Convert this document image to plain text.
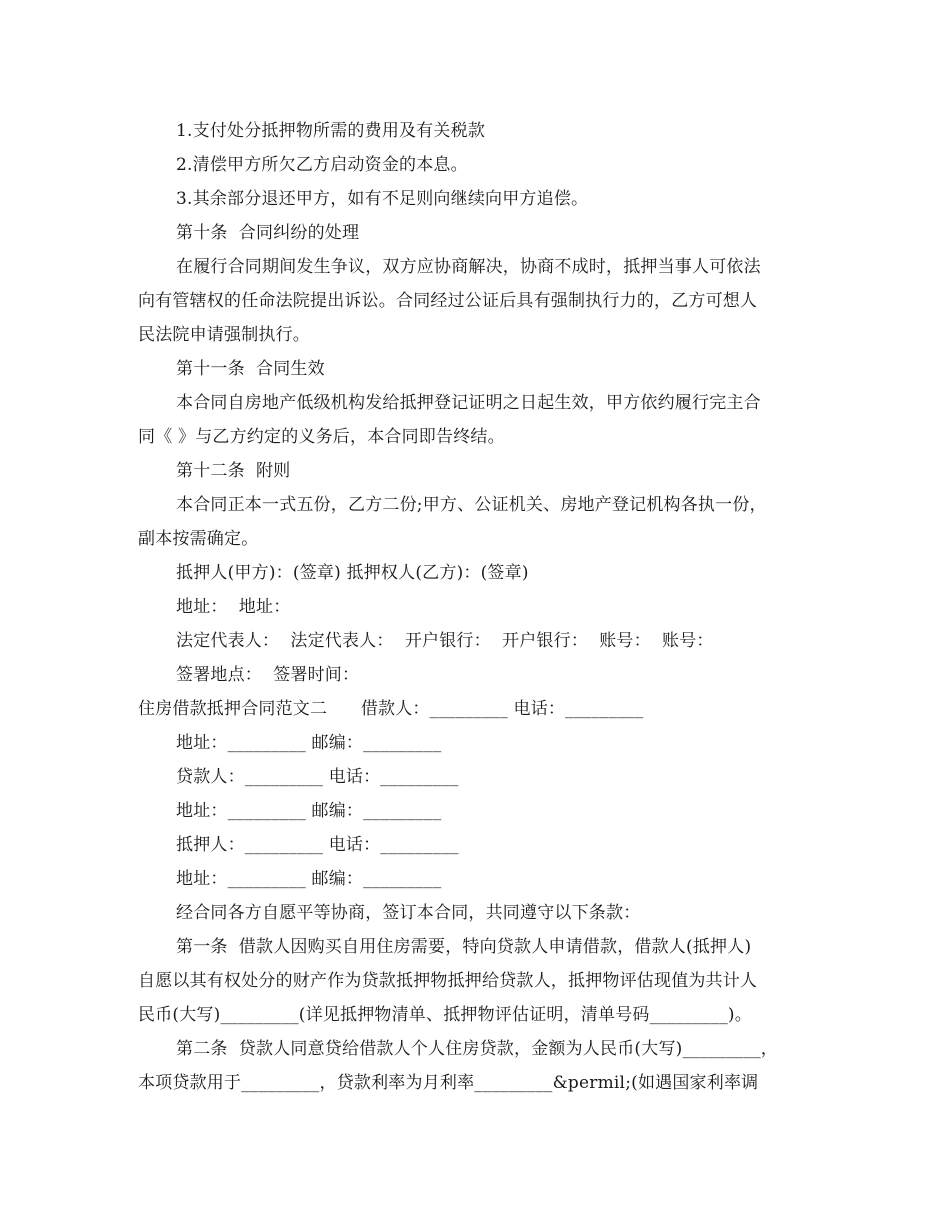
1.支付处分抵押物所需的费用及有关税款
2.清偿甲方所欠乙方启动资金的本息。
3.其余部分退还甲方，如有不足则向继续向甲方追偿。
第十条  合同纠纷的处理
在履行合同期间发生争议，双方应协商解决，协商不成时，抵押当事人可依法
向有管辖权的任命法院提出诉讼。合同经过公证后具有强制执行力的，乙方可想人
民法院申请强制执行。
第十一条  合同生效
本合同自房地产低级机构发给抵押登记证明之日起生效，甲方依约履行完主合
同《 》与乙方约定的义务后，本合同即告终结。
第十二条  附则
本合同正本一式五份，乙方二份;甲方、公证机关、房地产登记机构各执一份，
副本按需确定。
抵押人(甲方)：(签章) 抵押权人(乙方)：(签章)
地址：  地址：
法定代表人：  法定代表人：  开户银行：  开户银行：  账号：  账号：
签署地点：  签署时间：
住房借款抵押合同范文二      借款人：_________ 电话：_________
地址：_________ 邮编：_________
贷款人：_________ 电话：_________
地址：_________ 邮编：_________
抵押人：_________ 电话：_________
地址：_________ 邮编：_________
经合同各方自愿平等协商，签订本合同，共同遵守以下条款：
第一条  借款人因购买自用住房需要，特向贷款人申请借款，借款人(抵押人)
自愿以其有权处分的财产作为贷款抵押物抵押给贷款人，抵押物评估现值为共计人
民币(大写)_________(详见抵押物清单、抵押物评估证明，清单号码_________)。
第二条  贷款人同意贷给借款人个人住房贷款，金额为人民币(大写)_________，
本项贷款用于_________，贷款利率为月利率_________&permil;(如遇国家利率调
